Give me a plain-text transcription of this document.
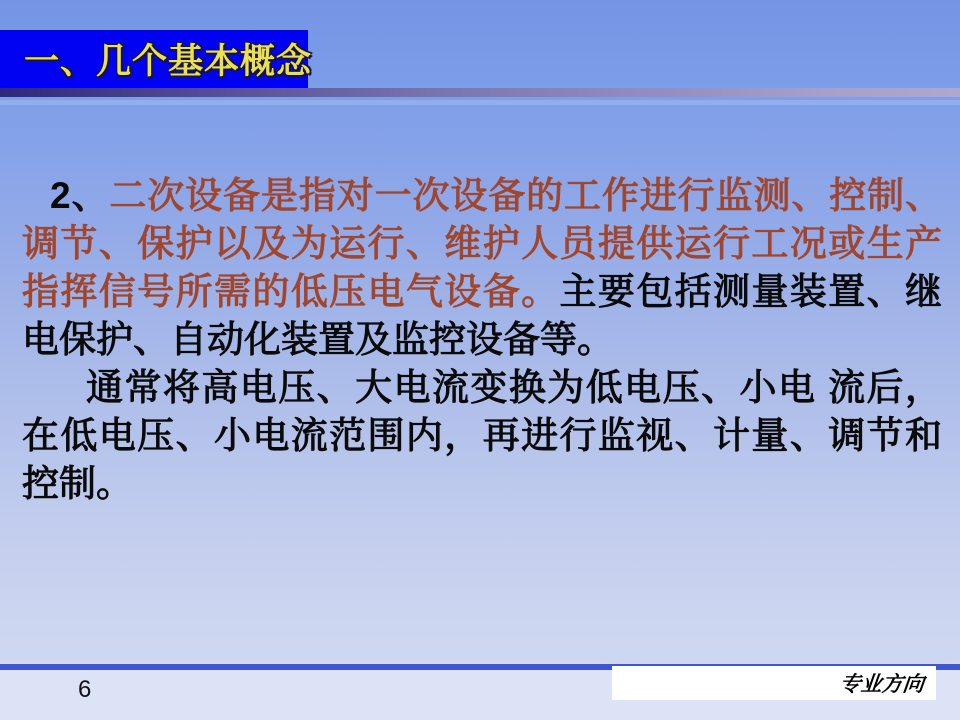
一、几个基本概念

2、二次设备是指对一次设备的工作进行监测、控制、调节、保护以及为运行、维护人员提供运行工况或生产指挥信号所需的低压电气设备。主要包括测量装置、继电保护、自动化装置及监控设备等。

通常将高电压、大电流变换为低电压、小电 流后，在低电压、小电流范围内，再进行监视、计量、调节和控制。

6	专业方向
